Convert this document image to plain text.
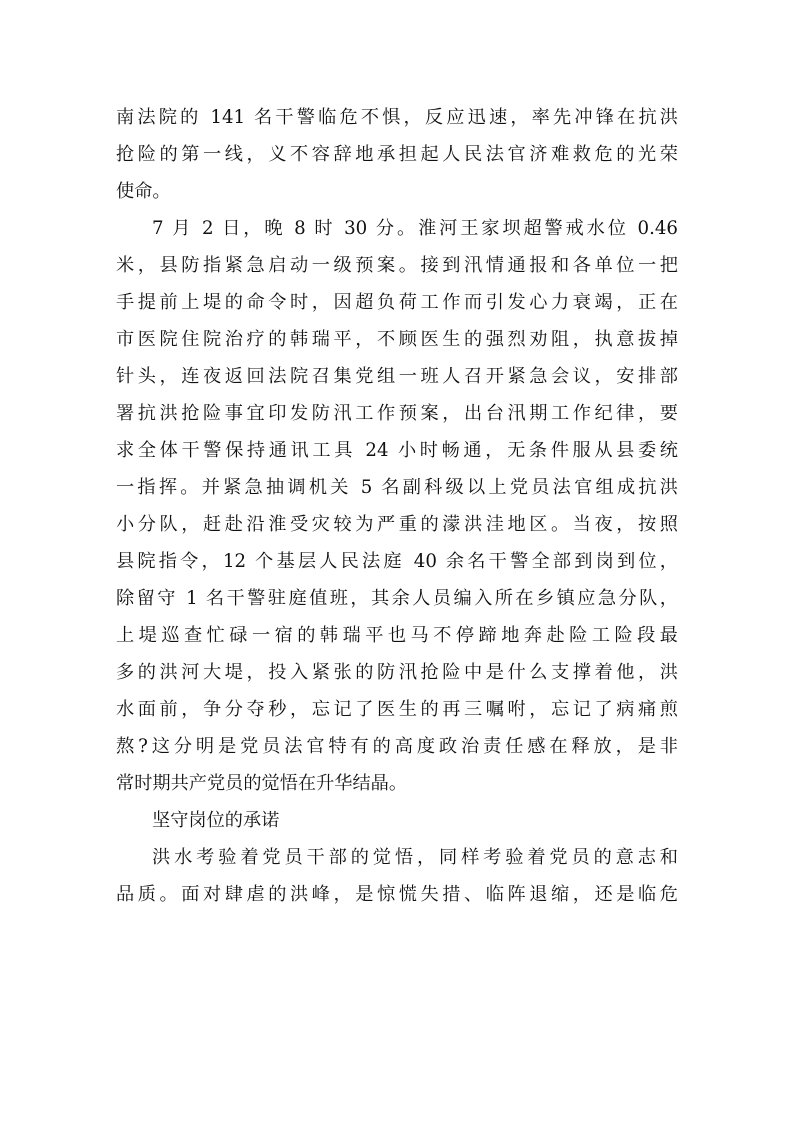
南法院的 141 名干警临危不惧，反应迅速，率先冲锋在抗洪
抢险的第一线，义不容辞地承担起人民法官济难救危的光荣
使命。
7 月 2 日，晚 8 时 30 分。淮河王家坝超警戒水位 0.46
米，县防指紧急启动一级预案。接到汛情通报和各单位一把
手提前上堤的命令时，因超负荷工作而引发心力衰竭，正在
市医院住院治疗的韩瑞平，不顾医生的强烈劝阻，执意拔掉
针头，连夜返回法院召集党组一班人召开紧急会议，安排部
署抗洪抢险事宜印发防汛工作预案，出台汛期工作纪律，要
求全体干警保持通讯工具 24 小时畅通，无条件服从县委统
一指挥。并紧急抽调机关 5 名副科级以上党员法官组成抗洪
小分队，赶赴沿淮受灾较为严重的濛洪洼地区。当夜，按照
县院指令，12 个基层人民法庭 40 余名干警全部到岗到位，
除留守 1 名干警驻庭值班，其余人员编入所在乡镇应急分队，
上堤巡查忙碌一宿的韩瑞平也马不停蹄地奔赴险工险段最
多的洪河大堤，投入紧张的防汛抢险中是什么支撑着他，洪
水面前，争分夺秒，忘记了医生的再三嘱咐，忘记了病痛煎
熬?这分明是党员法官特有的高度政治责任感在释放，是非
常时期共产党员的觉悟在升华结晶。
坚守岗位的承诺
洪水考验着党员干部的觉悟，同样考验着党员的意志和
品质。面对肆虐的洪峰，是惊慌失措、临阵退缩，还是临危
